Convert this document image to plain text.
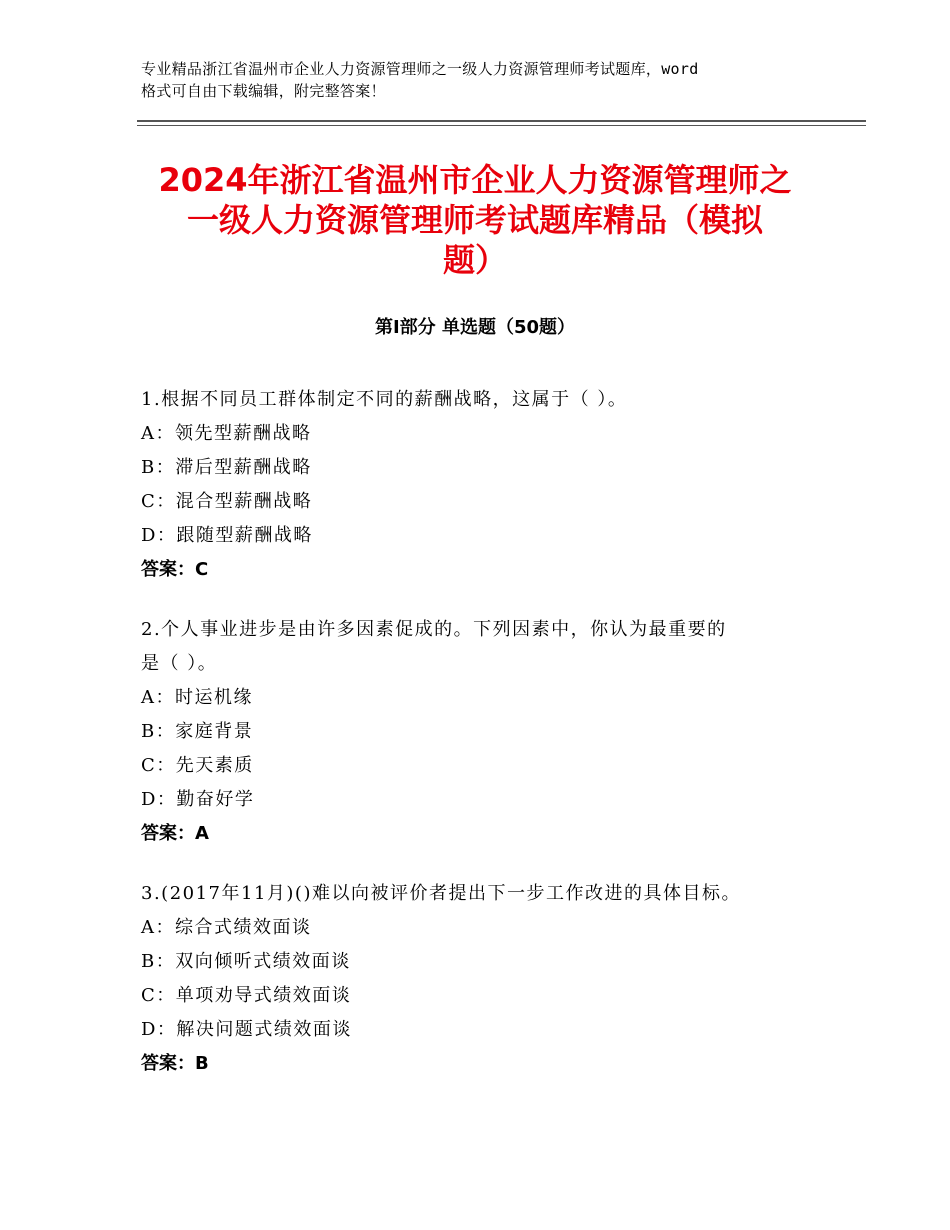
专业精品浙江省温州市企业人力资源管理师之一级人力资源管理师考试题库，word
格式可自由下载编辑，附完整答案！
2024年浙江省温州市企业人力资源管理师之
一级人力资源管理师考试题库精品（模拟
题）
第Ⅰ部分 单选题（50题）

1.根据不同员工群体制定不同的薪酬战略，这属于（ ）。

A：领先型薪酬战略

B：滞后型薪酬战略

C：混合型薪酬战略

D：跟随型薪酬战略

答案：C

2.个人事业进步是由许多因素促成的。下列因素中，你认为最重要的

是（ ）。

A：时运机缘

B：家庭背景

C：先天素质

D：勤奋好学

答案：A

3.(2017年11月)()难以向被评价者提出下一步工作改进的具体目标。

A：综合式绩效面谈

B：双向倾听式绩效面谈

C：单项劝导式绩效面谈

D：解决问题式绩效面谈

答案：B
